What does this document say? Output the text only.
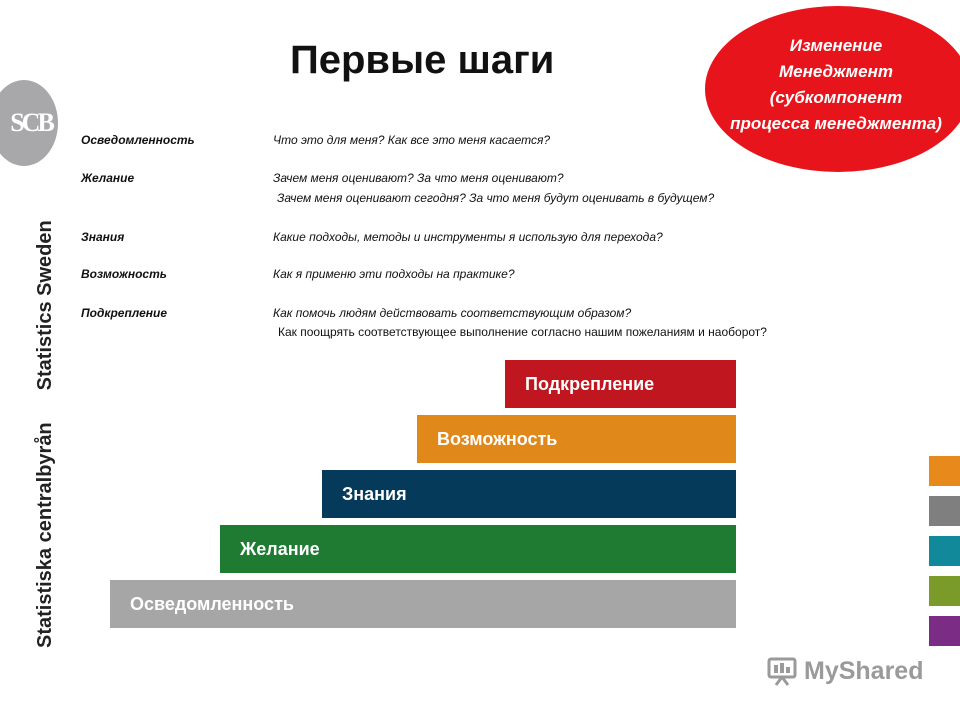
Первые шаги
SCB
Statistiska centralbyrånStatistics Sweden
Изменение
Менеджмент
(субкомпонент
процесса менеджмента)
Осведомленность	Что это для меня? Как все это меня касается?
Желание	Зачем меня оценивают? За что меня оценивают?
Зачем меня оценивают сегодня? За что меня будут оценивать в будущем?
Знания	Какие подходы, методы и инструменты я использую для перехода?
Возможность	Как я применю эти подходы на практике?
Подкрепление	Как помочь людям действовать соответствующим образом?
Как поощрять соответствующее выполнение согласно нашим пожеланиям и наоборот?
Подкрепление
Возможность
Знания
Желание
Осведомленность
MyShared
